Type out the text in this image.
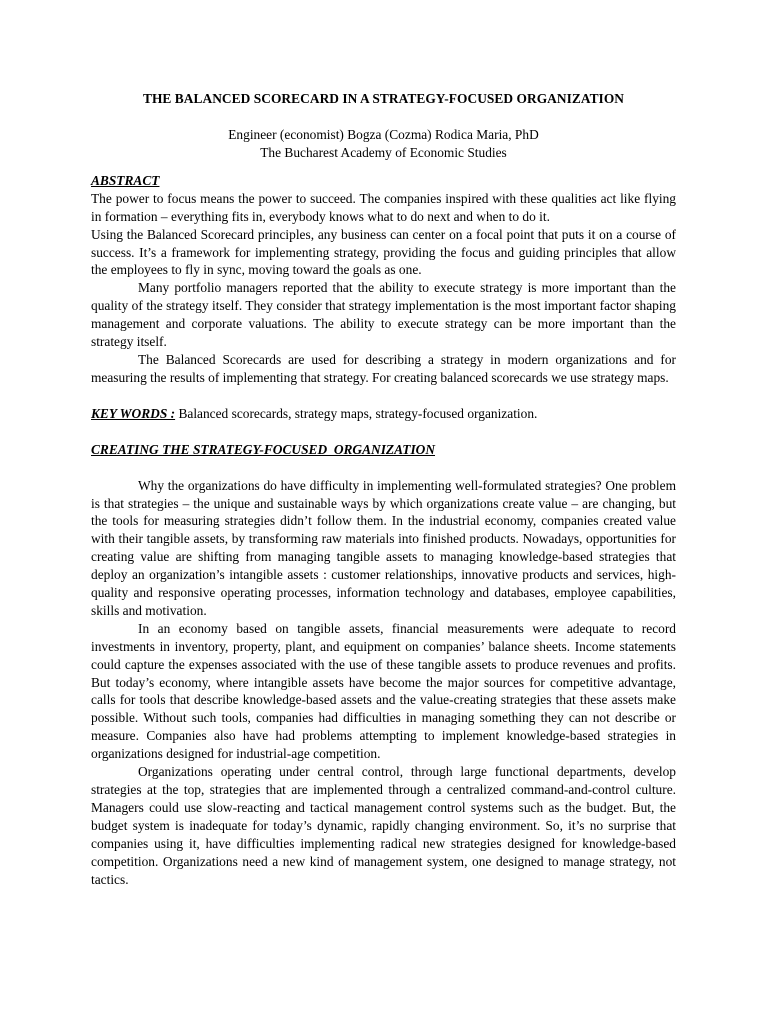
THE BALANCED SCORECARD IN A STRATEGY-FOCUSED ORGANIZATION
Engineer (economist) Bogza (Cozma) Rodica Maria, PhD
The Bucharest Academy of Economic Studies
ABSTRACT

The power to focus means the power to succeed. The companies inspired with these qualities act like flying in formation – everything fits in, everybody knows what to do next and when to do it.

Using the Balanced Scorecard principles, any business can center on a focal point that puts it on a course of success. It’s a framework for implementing strategy, providing the focus and guiding principles that allow the employees to fly in sync, moving toward the goals as one.

Many portfolio managers reported that the ability to execute strategy is more important than the quality of the strategy itself. They consider that strategy implementation is the most important factor shaping management and corporate valuations. The ability to execute strategy can be more important than the strategy itself.

The Balanced Scorecards are used for describing a strategy in modern organizations and for measuring the results of implementing that strategy. For creating balanced scorecards we use strategy maps.

KEY WORDS : Balanced scorecards, strategy maps, strategy-focused organization.

CREATING THE STRATEGY-FOCUSED  ORGANIZATION

Why the organizations do have difficulty in implementing well-formulated strategies? One problem is that strategies – the unique and sustainable ways by which organizations create value – are changing, but the tools for measuring strategies didn’t follow them. In the industrial economy, companies created value with their tangible assets, by transforming raw materials into finished products. Nowadays, opportunities for creating value are shifting from managing tangible assets to managing knowledge-based strategies that deploy an organization’s intangible assets : customer relationships, innovative products and services, high-quality and responsive operating processes, information technology and databases, employee capabilities, skills and motivation.

In an economy based on tangible assets, financial measurements were adequate to record investments in inventory, property, plant, and equipment on companies’ balance sheets. Income statements could capture the expenses associated with the use of these tangible assets to produce revenues and profits. But today’s economy, where intangible assets have become the major sources for competitive advantage, calls for tools that describe knowledge-based assets and the value-creating strategies that these assets make possible. Without such tools, companies had difficulties in managing something they can not describe or measure. Companies also have had problems attempting to implement knowledge-based strategies in organizations designed for industrial-age competition.

Organizations operating under central control, through large functional departments, develop strategies at the top, strategies that are implemented through a centralized command-and-control culture. Managers could use slow-reacting and tactical management control systems such as the budget. But, the budget system is inadequate for today’s dynamic, rapidly changing environment. So, it’s no surprise that companies using it, have difficulties implementing radical new strategies designed for knowledge-based competition. Organizations need a new kind of management system, one designed to manage strategy, not tactics.
